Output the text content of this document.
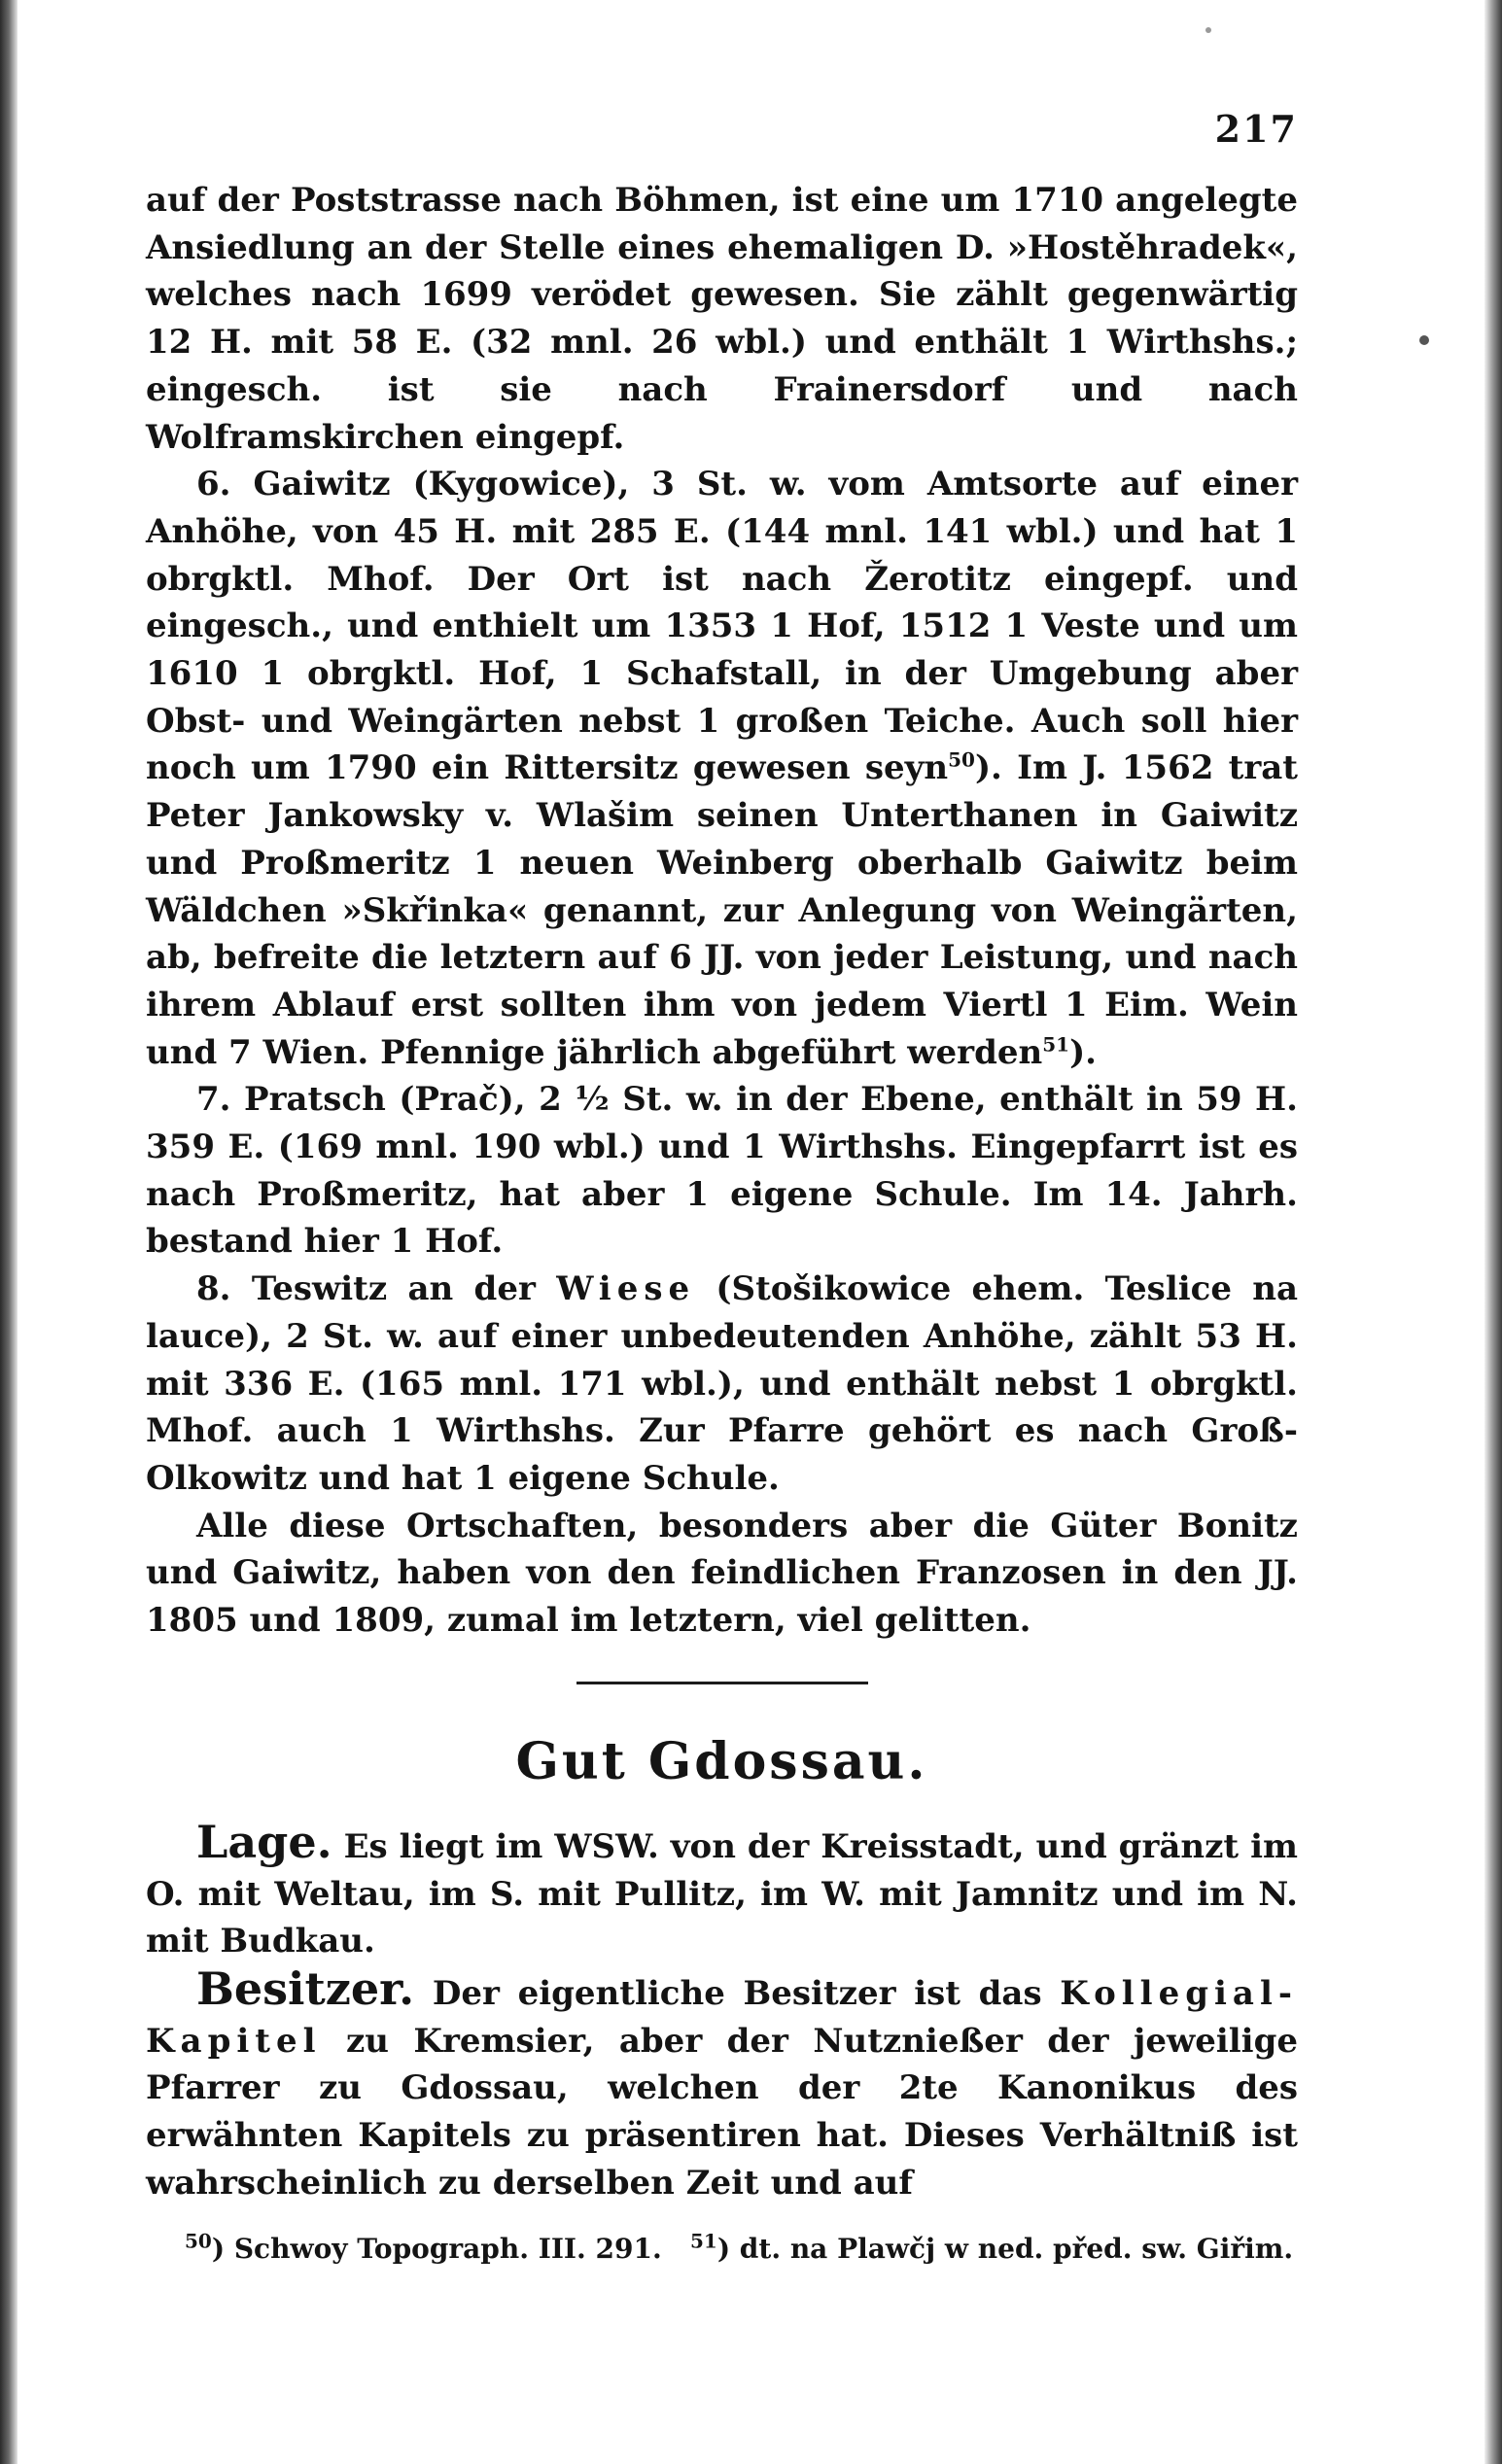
217

auf der Poststrasse nach Böhmen, ist eine um 1710 angelegte Ansiedlung an der Stelle eines ehemaligen D. »Hostěhradek«, welches nach 1699 verödet gewesen. Sie zählt gegenwärtig 12 H. mit 58 E. (32 mnl. 26 wbl.) und enthält 1 Wirthshs.; eingesch. ist sie nach Frainersdorf und nach Wolframskirchen eingepf.

6. Gaiwitz (Kygowice), 3 St. w. vom Amtsorte auf einer Anhöhe, von 45 H. mit 285 E. (144 mnl. 141 wbl.) und hat 1 obrgktl. Mhof. Der Ort ist nach Žerotitz eingepf. und eingesch., und enthielt um 1353 1 Hof, 1512 1 Veste und um 1610 1 obrgktl. Hof, 1 Schafstall, in der Umgebung aber Obst- und Weingärten nebst 1 großen Teiche. Auch soll hier noch um 1790 ein Rittersitz gewesen seyn$^{50}$). Im J. 1562 trat Peter Jankowsky v. Wlašim seinen Unterthanen in Gaiwitz und Proßmeritz 1 neuen Weinberg oberhalb Gaiwitz beim Wäldchen »Skřinka« genannt, zur Anlegung von Weingärten, ab, befreite die letztern auf 6 JJ. von jeder Leistung, und nach ihrem Ablauf erst sollten ihm von jedem Viertl 1 Eim. Wein und 7 Wien. Pfennige jährlich abgeführt werden$^{51}$).

7. Pratsch (Prač), 2 ½ St. w. in der Ebene, enthält in 59 H. 359 E. (169 mnl. 190 wbl.) und 1 Wirthshs. Eingepfarrt ist es nach Proßmeritz, hat aber 1 eigene Schule. Im 14. Jahrh. bestand hier 1 Hof.

8. Teswitz an der Wiese (Stošikowice ehem. Teslice na lauce), 2 St. w. auf einer unbedeutenden Anhöhe, zählt 53 H. mit 336 E. (165 mnl. 171 wbl.), und enthält nebst 1 obrgktl. Mhof. auch 1 Wirthshs. Zur Pfarre gehört es nach Groß-Olkowitz und hat 1 eigene Schule.

Alle diese Ortschaften, besonders aber die Güter Bonitz und Gaiwitz, haben von den feindlichen Franzosen in den JJ. 1805 und 1809, zumal im letztern, viel gelitten.

Gut Gdossau.

Lage. Es liegt im WSW. von der Kreisstadt, und gränzt im O. mit Weltau, im S. mit Pullitz, im W. mit Jamnitz und im N. mit Budkau.

Besitzer. Der eigentliche Besitzer ist das Kollegial-Kapitel zu Kremsier, aber der Nutznießer der jeweilige Pfarrer zu Gdossau, welchen der 2te Kanonikus des erwähnten Kapitels zu präsentiren hat. Dieses Verhältniß ist wahrscheinlich zu derselben Zeit und auf

$^{50}$) Schwoy Topograph. III. 291. $^{51}$) dt. na Plawčj w ned. před. sw. Giřim.
